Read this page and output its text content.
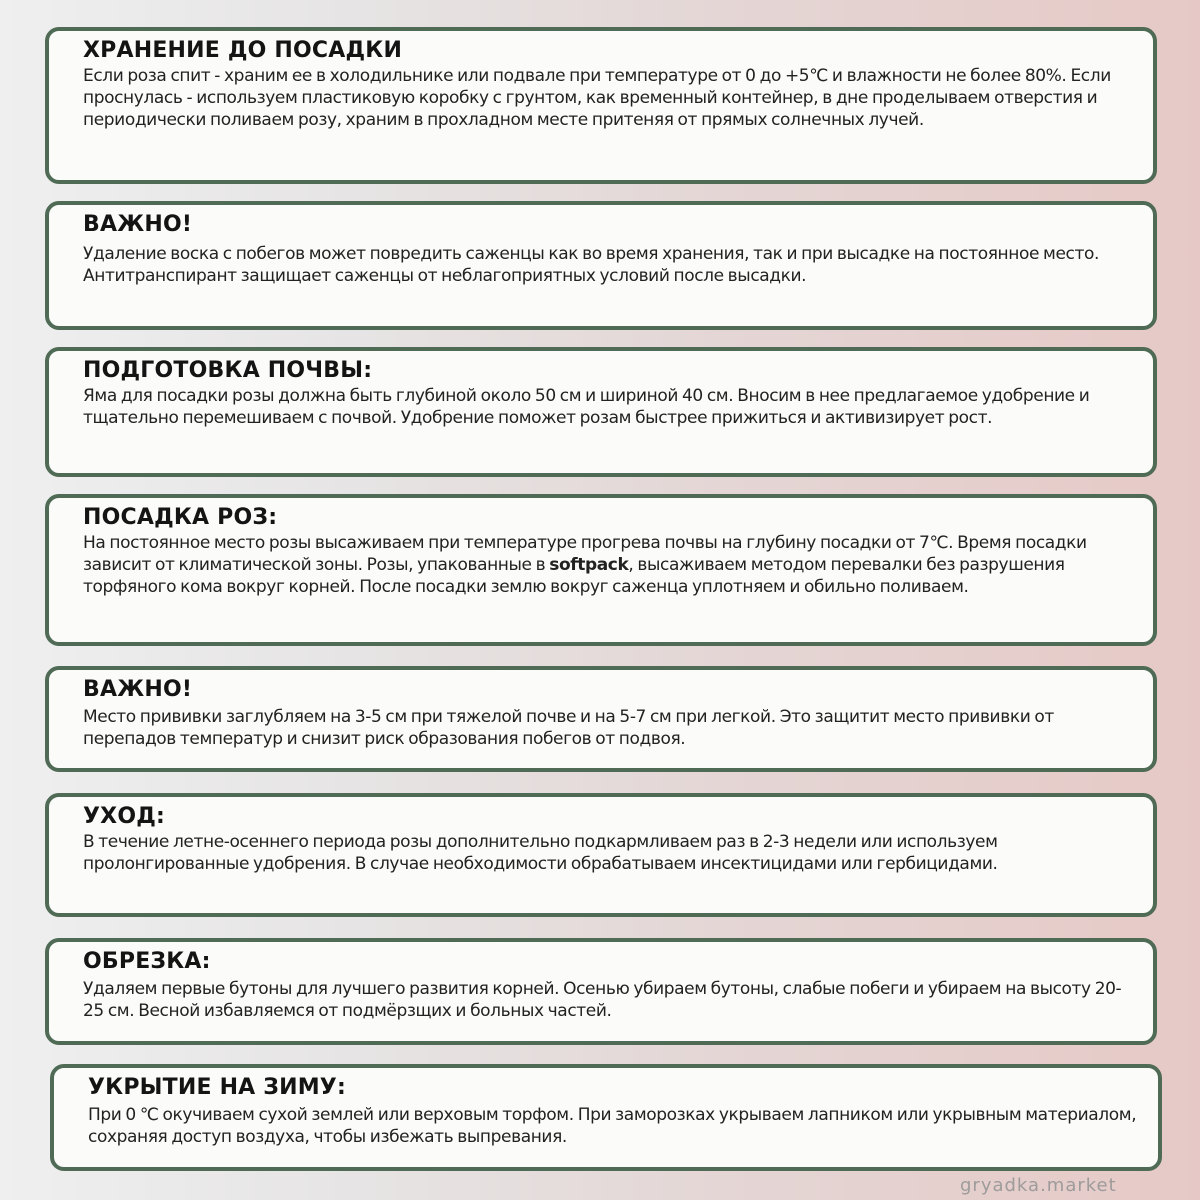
ХРАНЕНИЕ ДО ПОСАДКИ

Если роза спит - храним ее в холодильнике или подвале при температуре от 0 до +5℃ и влажности не более 80%. Если проснулась - используем пластиковую коробку с грунтом, как временный контейнер, в дне проделываем отверстия и периодически поливаем розу, храним в прохладном месте притеняя от прямых солнечных лучей.

ВАЖНО!

Удаление воска с побегов может повредить саженцы как во время хранения, так и при высадке на постоянное место. Антитранспирант защищает саженцы от неблагоприятных условий после высадки.

ПОДГОТОВКА ПОЧВЫ:

Яма для посадки розы должна быть глубиной около 50 см и шириной 40 см. Вносим в нее предлагаемое удобрение и тщательно перемешиваем с почвой. Удобрение поможет розам быстрее прижиться и активизирует рост.

ПОСАДКА РОЗ:

На постоянное место розы высаживаем при температуре прогрева почвы на глубину посадки от 7℃. Время посадки зависит от климатической зоны. Розы, упакованные в softpack, высаживаем методом перевалки без разрушения торфяного кома вокруг корней. После посадки землю вокруг саженца уплотняем и обильно поливаем.

ВАЖНО!

Место прививки заглубляем на 3-5 см при тяжелой почве и на 5-7 см при легкой. Это защитит место прививки от перепадов температур и снизит риск образования побегов от подвоя.

УХОД:

В течение летне-осеннего периода розы дополнительно подкармливаем раз в 2-3 недели или используем пролонгированные удобрения. В случае необходимости обрабатываем инсектицидами или гербицидами.

ОБРЕЗКА:

Удаляем первые бутоны для лучшего развития корней. Осенью убираем бутоны, слабые побеги и убираем на высоту 20-25 см. Весной избавляемся от подмёрзщих и больных частей.

УКРЫТИЕ НА ЗИМУ:

При 0 ℃ окучиваем сухой землей или верховым торфом. При заморозках укрываем лапником или укрывным материалом, сохраняя доступ воздуха, чтобы избежать выпревания.

gryadka.market
